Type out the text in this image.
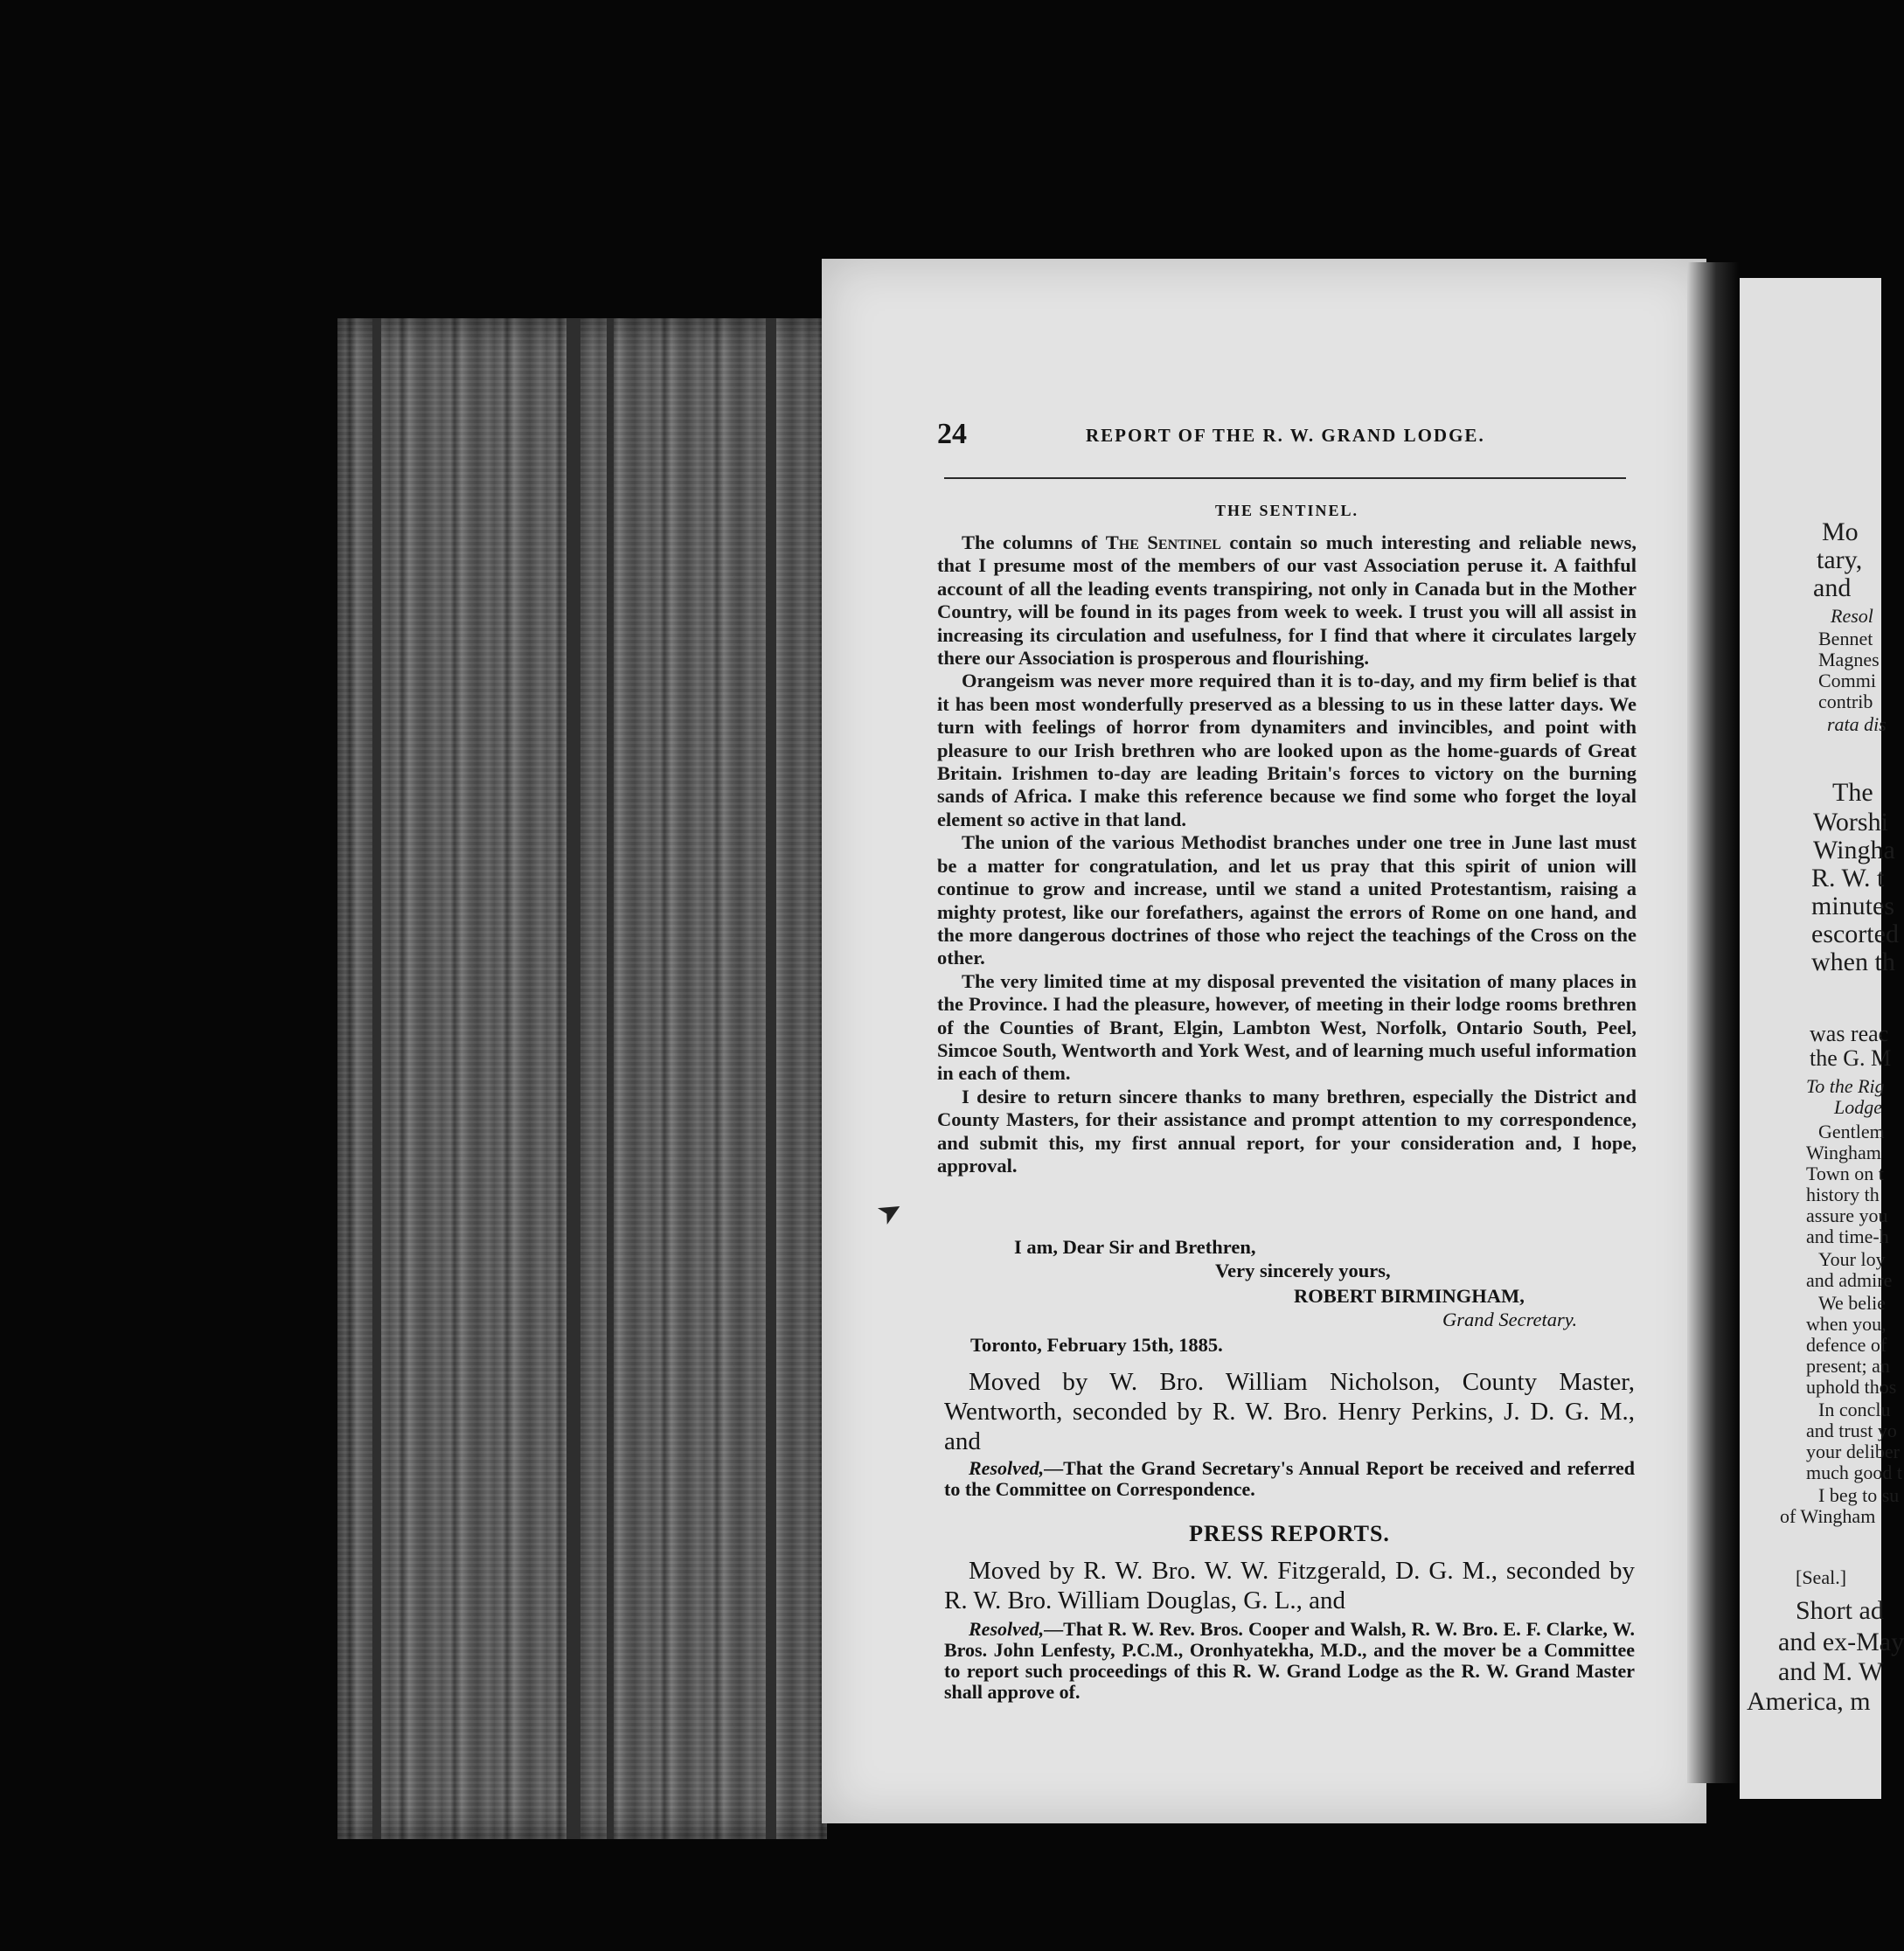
Mo
tary,
and
Resol
Bennet
Magnes
Commi
contrib
rata dis
The
Worshi
Wingha
R. W. t
minutes
escorted
when th
was reac
the G. M
To the Rig
Lodge
Gentlem
Wingham
Town on t
history th
assure you
and time-h
Your loy
and admire
We belie
when you,
defence of
present; an
uphold thos
In conclu
and trust yo
your deliber
much good t
I beg to su
of Wingham
[Seal.]
Short ad
and ex-May
and M. W
America, m
24	REPORT OF THE R. W. GRAND LODGE.
THE SENTINEL.

The columns of The Sentinel contain so much interesting and reliable news, that I presume most of the members of our vast Association peruse it. A faithful account of all the leading events transpiring, not only in Canada but in the Mother Country, will be found in its pages from week to week. I trust you will all assist in increasing its circulation and usefulness, for I find that where it circulates largely there our Association is prosperous and flourishing.

Orangeism was never more required than it is to-day, and my firm belief is that it has been most wonderfully preserved as a blessing to us in these latter days. We turn with feelings of horror from dynamiters and invincibles, and point with pleasure to our Irish brethren who are looked upon as the home-guards of Great Britain. Irishmen to-day are leading Britain's forces to victory on the burning sands of Africa. I make this reference because we find some who forget the loyal element so active in that land.

The union of the various Methodist branches under one tree in June last must be a matter for congratulation, and let us pray that this spirit of union will continue to grow and increase, until we stand a united Protestantism, raising a mighty protest, like our forefathers, against the errors of Rome on one hand, and the more dangerous doctrines of those who reject the teachings of the Cross on the other.

The very limited time at my disposal prevented the visitation of many places in the Province. I had the pleasure, however, of meeting in their lodge rooms brethren of the Counties of Brant, Elgin, Lambton West, Norfolk, Ontario South, Peel, Simcoe South, Wentworth and York West, and of learning much useful information in each of them.

I desire to return sincere thanks to many brethren, especially the District and County Masters, for their assistance and prompt attention to my correspondence, and submit this, my first annual report, for your consideration and, I hope, approval.

I am, Dear Sir and Brethren,
Very sincerely yours,
ROBERT BIRMINGHAM,
Grand Secretary.
Toronto, February 15th, 1885.
Moved by W. Bro. William Nicholson, County Master, Wentworth, seconded by R. W. Bro. Henry Perkins, J. D. G. M., and
Resolved,—That the Grand Secretary's Annual Report be received and referred to the Committee on Correspondence.
PRESS REPORTS.
Moved by R. W. Bro. W. W. Fitzgerald, D. G. M., seconded by R. W. Bro. William Douglas, G. L., and
Resolved,—That R. W. Rev. Bros. Cooper and Walsh, R. W. Bro. E. F. Clarke, W. Bros. John Lenfesty, P.C.M., Oronhyatekha, M.D., and the mover be a Committee to report such proceedings of this R. W. Grand Lodge as the R. W. Grand Master shall approve of.
➤
